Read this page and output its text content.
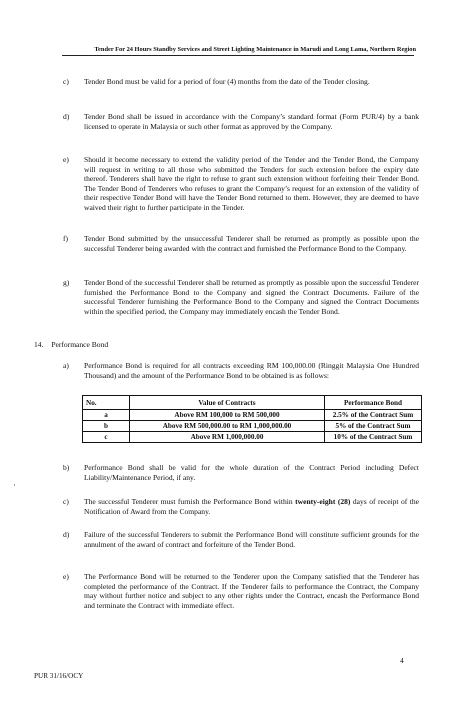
Tender For 24 Hours Standby Services and Street Lighting Maintenance in Marudi and Long Lama, Northern Region
c) Tender Bond must be valid for a period of four (4) months from the date of the Tender closing.
d) Tender Bond shall be issued in accordance with the Company’s standard format (Form PUR/4) by a bank licensed to operate in Malaysia or such other format as approved by the Company.
e) Should it become necessary to extend the validity period of the Tender and the Tender Bond, the Company will request in writing to all those who submitted the Tenders for such extension before the expiry date thereof. Tenderers shall have the right to refuse to grant such extension without forfeiting their Tender Bond. The Tender Bond of Tenderers who refuses to grant the Company’s request for an extension of the validity of their respective Tender Bond will have the Tender Bond returned to them. However, they are deemed to have waived their right to further participate in the Tender.
f) Tender Bond submitted by the unsuccessful Tenderer shall be returned as promptly as possible upon the successful Tenderer being awarded with the contract and furnished the Performance Bond to the Company.
g) Tender Bond of the successful Tenderer shall be returned as promptly as possible upon the successful Tenderer furnished the Performance Bond to the Company and signed the Contract Documents. Failure of the successful Tenderer furnishing the Performance Bond to the Company and signed the Contract Documents within the specified period, the Company may immediately encash the Tender Bond.
14. Performance Bond
a) Performance Bond is required for all contracts exceeding RM 100,000.00 (Ringgit Malaysia One Hundred Thousand) and the amount of the Performance Bond to be obtained is as follows:
No.	Value of Contracts	Performance Bond
a	Above RM 100,000 to RM 500,000	2.5% of the Contract Sum
b	Above RM 500,000.00 to RM 1,000,000.00	5% of the Contract Sum
c	Above RM 1,000,000.00	10% of the Contract Sum
b) Performance Bond shall be valid for the whole duration of the Contract Period including Defect Liability/Maintenance Period, if any.
c) The successful Tenderer must furnish the Performance Bond within twenty-eight (28) days of receipt of the Notification of Award from the Company.
d) Failure of the successful Tenderers to submit the Performance Bond will constitute sufficient grounds for the annulment of the award of contract and forfeiture of the Tender Bond.
e) The Performance Bond will be returned to the Tenderer upon the Company satisfied that the Tenderer has completed the performance of the Contract. If the Tenderer fails to performance the Contract, the Company may without further notice and subject to any other rights under the Contract, encash the Performance Bond and terminate the Contract with immediate effect.
4
PUR 31/16/OCY
